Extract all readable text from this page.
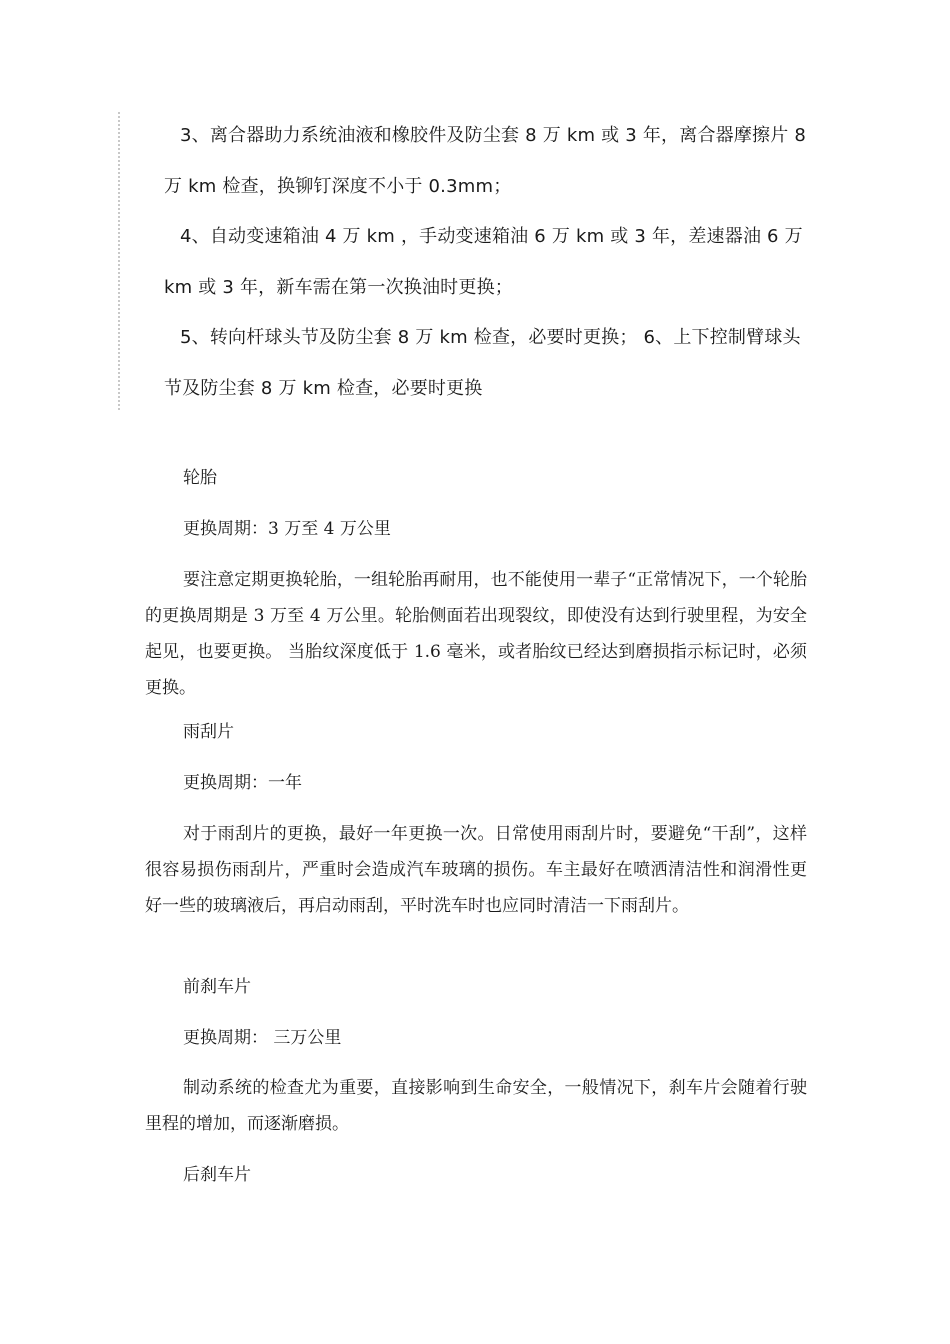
3、离合器助力系统油液和橡胶件及防尘套 8 万 km 或 3 年，离合器摩擦片 8 万 km 检查，换铆钉深度不小于 0.3mm；

4、自动变速箱油 4 万 km ，手动变速箱油 6 万 km 或 3 年，差速器油 6 万 km 或 3 年，新车需在第一次换油时更换；

5、转向杆球头节及防尘套 8 万 km 检查，必要时更换； 6、上下控制臂球头节及防尘套 8 万 km 检查，必要时更换

轮胎

更换周期：3 万至 4 万公里

要注意定期更换轮胎，一组轮胎再耐用，也不能使用一辈子“正常情况下，一个轮胎的更换周期是 3 万至 4 万公里。轮胎侧面若出现裂纹，即使没有达到行驶里程，为安全起见，也要更换。 当胎纹深度低于 1.6 毫米，或者胎纹已经达到磨损指示标记时，必须更换。

雨刮片

更换周期：一年

对于雨刮片的更换，最好一年更换一次。日常使用雨刮片时，要避免“干刮”，这样很容易损伤雨刮片，严重时会造成汽车玻璃的损伤。车主最好在喷洒清洁性和润滑性更好一些的玻璃液后，再启动雨刮，平时洗车时也应同时清洁一下雨刮片。

前刹车片

更换周期： 三万公里

制动系统的检查尤为重要，直接影响到生命安全，一般情况下，刹车片会随着行驶里程的增加，而逐渐磨损。

后刹车片
